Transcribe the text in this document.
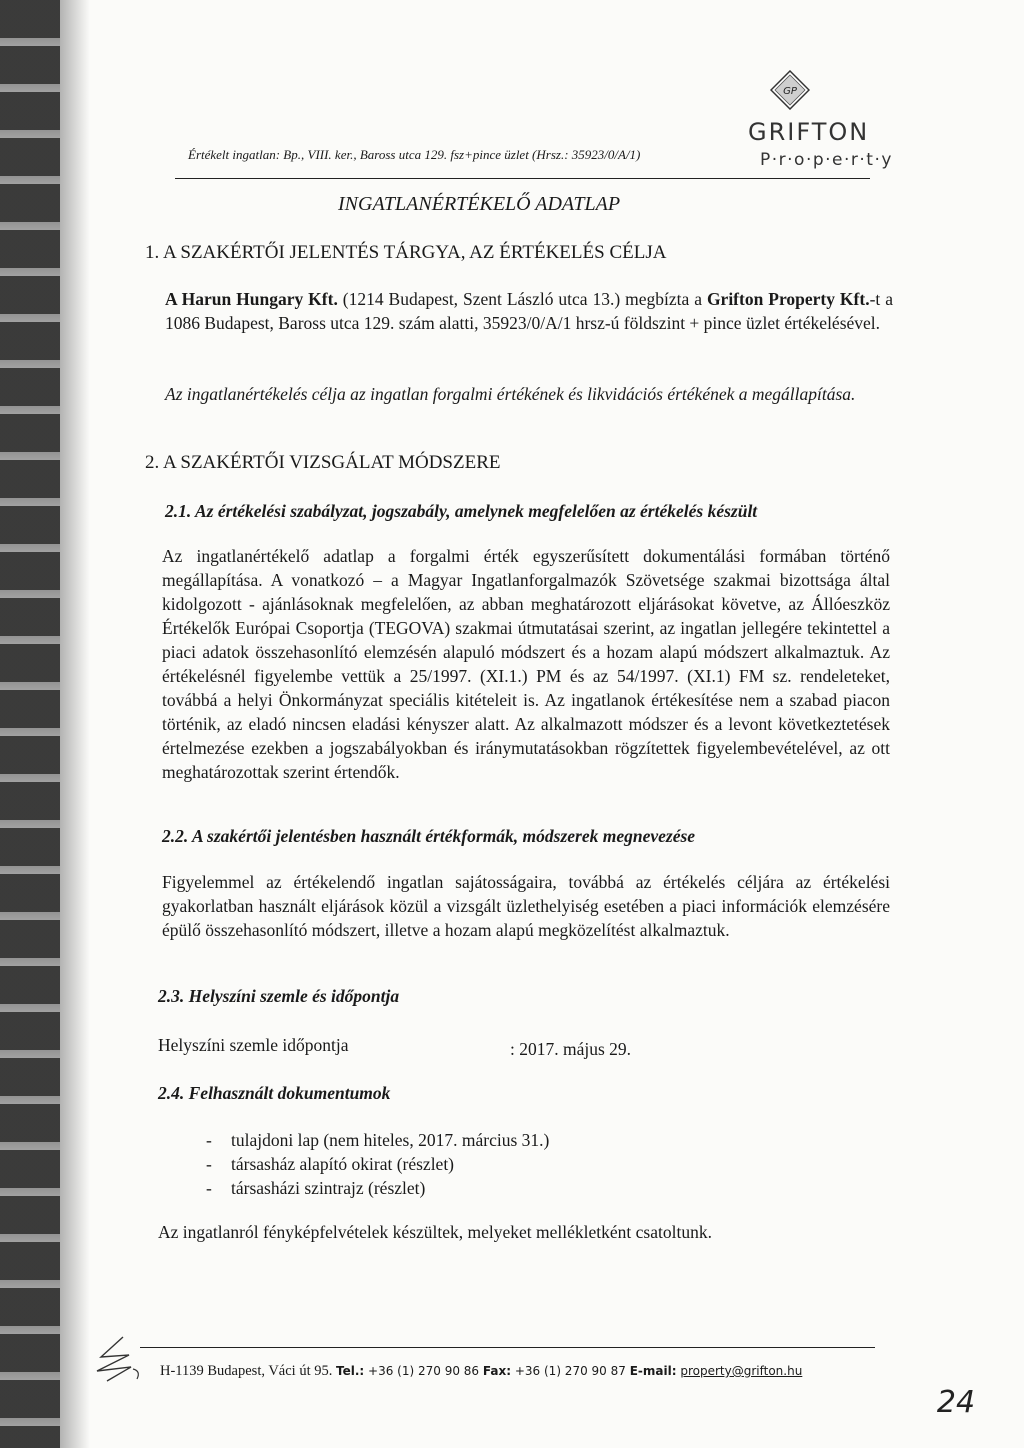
Értékelt ingatlan: Bp., VIII. ker., Baross utca 129. fsz+pince üzlet (Hrsz.: 35923/0/A/1)
GP
GRIFTON
P·r·o·p·e·r·t·y
INGATLANÉRTÉKELŐ ADATLAP
1. A SZAKÉRTŐI JELENTÉS TÁRGYA, AZ ÉRTÉKELÉS CÉLJA
A Harun Hungary Kft. (1214 Budapest, Szent László utca 13.) megbízta a Grifton Property Kft.-t a 1086 Budapest, Baross utca 129. szám alatti, 35923/0/A/1 hrsz-ú földszint + pince üzlet értékelésével.
Az ingatlanértékelés célja az ingatlan forgalmi értékének és likvidációs értékének a megállapítása.
2. A SZAKÉRTŐI VIZSGÁLAT MÓDSZERE
2.1. Az értékelési szabályzat, jogszabály, amelynek megfelelően az értékelés készült
Az ingatlanértékelő adatlap a forgalmi érték egyszerűsített dokumentálási formában történő megállapítása. A vonatkozó – a Magyar Ingatlanforgalmazók Szövetsége szakmai bizottsága által kidolgozott - ajánlásoknak megfelelően, az abban meghatározott eljárásokat követve, az Állóeszköz Értékelők Európai Csoportja (TEGOVA) szakmai útmutatásai szerint, az ingatlan jellegére tekintettel a piaci adatok összehasonlító elemzésén alapuló módszert és a hozam alapú módszert alkalmaztuk. Az értékelésnél figyelembe vettük a 25/1997. (XI.1.) PM és az 54/1997. (XI.1) FM sz. rendeleteket, továbbá a helyi Önkormányzat speciális kitételeit is. Az ingatlanok értékesítése nem a szabad piacon történik, az eladó nincsen eladási kényszer alatt. Az alkalmazott módszer és a levont következtetések értelmezése ezekben a jogszabályokban és iránymutatásokban rögzítettek figyelembevételével, az ott meghatározottak szerint értendők.
2.2. A szakértői jelentésben használt értékformák, módszerek megnevezése
Figyelemmel az értékelendő ingatlan sajátosságaira, továbbá az értékelés céljára az értékelési gyakorlatban használt eljárások közül a vizsgált üzlethelyiség esetében a piaci információk elemzésére épülő összehasonlító módszert, illetve a hozam alapú megközelítést alkalmaztuk.
2.3. Helyszíni szemle és időpontja
Helyszíni szemle időpontja	: 2017. május 29.
2.4. Felhasznált dokumentumok
- tulajdoni lap (nem hiteles, 2017. március 31.)
- társasház alapító okirat (részlet)
- társasházi szintrajz (részlet)
Az ingatlanról fényképfelvételek készültek, melyeket mellékletként csatoltunk.
H-1139 Budapest, Váci út 95. Tel.: +36 (1) 270 90 86 Fax: +36 (1) 270 90 87 E-mail: property@grifton.hu
24
